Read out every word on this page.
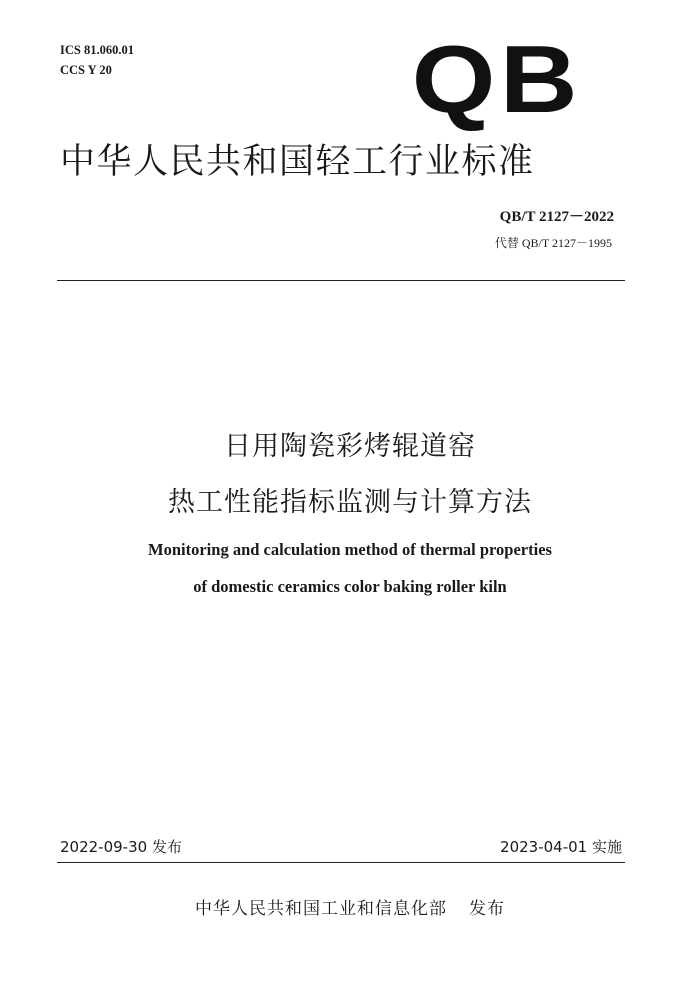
ICS 81.060.01
CCS Y 20	QB
中华人民共和国轻工行业标准
QB/T 2127－2022
代替 QB/T 2127－1995
日用陶瓷彩烤辊道窑
热工性能指标监测与计算方法
Monitoring and calculation method of thermal properties
of domestic ceramics color baking roller kiln
2022-09-30 发布	2023-04-01 实施
中华人民共和国工业和信息化部 发布
